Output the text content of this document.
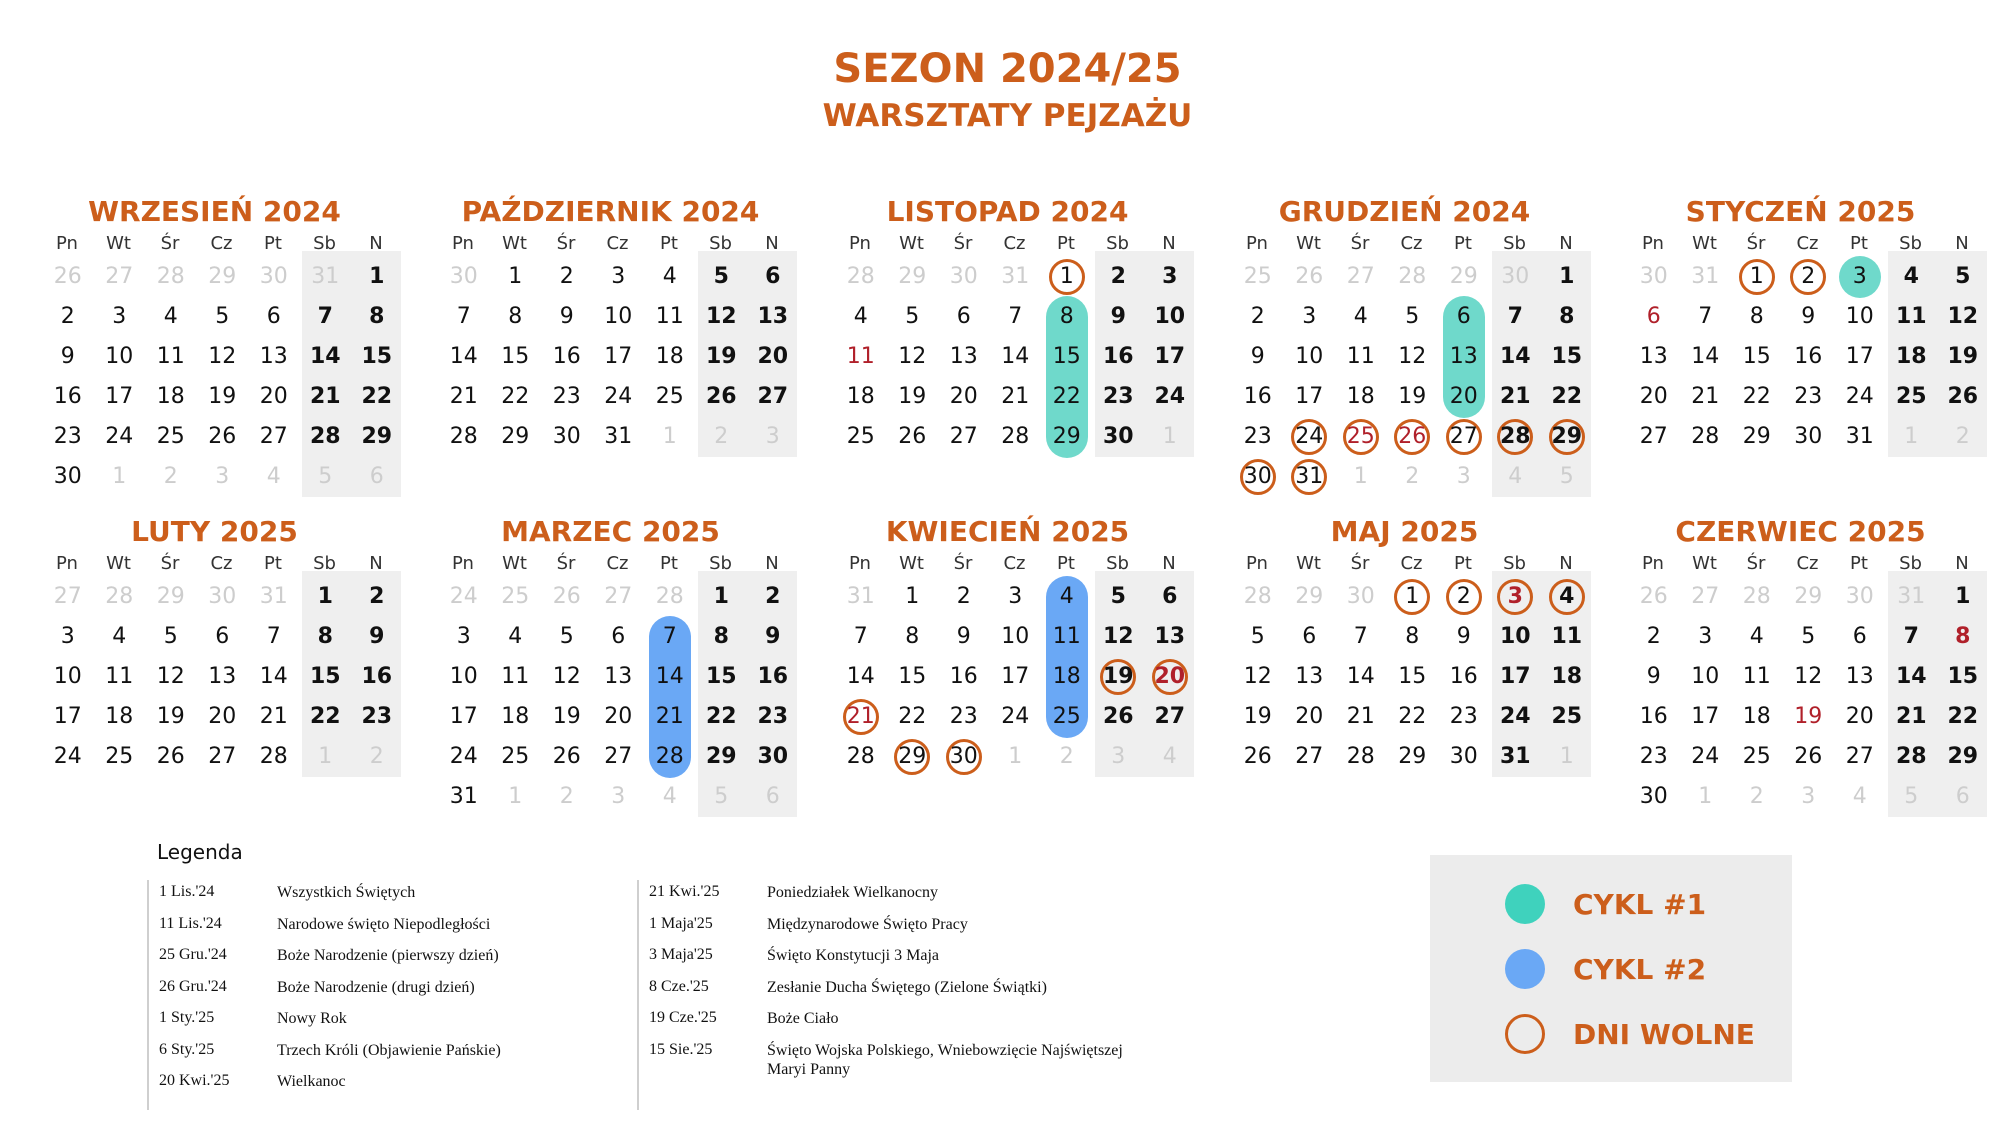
SEZON 2024/25
WARSZTATY PEJZAŻU
WRZESIEŃ 2024
Pn	Wt	Śr	Cz	Pt	Sb	N
26	27	28	29	30	31	1
2	3	4	5	6	7	8
9	10	11	12	13	14 15
16	17	18	19	20	21 22
23	24	25	26	27	28 29
30	1	2	3	4	5	6
PAŹDZIERNIK 2024
Pn	Wt	Śr	Cz	Pt	Sb	N
30	1	2	3	4	5	6
7	8	9	10	11	12 13
14	15	16	17	18	19 20
21	22	23	24	25	26 27
28	29	30	31	1	2	3
LISTOPAD 2024
Pn	Wt	Śr	Cz	Pt	Sb	N
28	29	30	31	1	2	3
4	5	6	7	8	9	10
11	12	13	14	15	16 17
18	19	20	21	22	23 24
25	26	27	28	29	30	1
GRUDZIEŃ 2024
Pn	Wt	Śr	Cz	Pt	Sb	N
25	26	27	28	29	30	1
2	3	4	5	6	7	8
9	10	11	12	13	14 15
16	17	18	19	20	21 22
23	24	25	26	27	28 29
30	31	1	2	3	4	5
STYCZEŃ 2025
Pn	Wt	Śr	Cz	Pt	Sb	N
30	31	1	2	3	4	5
6	7	8	9	10	11 12
13	14	15	16	17	18 19
20	21	22	23	24	25 26
27	28	29	30	31	1	2
LUTY 2025
Pn	Wt	Śr	Cz	Pt	Sb	N
27	28	29	30	31	1	2
3	4	5	6	7	8	9
10	11	12	13	14	15 16
17	18	19	20	21	22 23
24	25	26	27	28	1	2
MARZEC 2025
Pn	Wt	Śr	Cz	Pt	Sb	N
24	25	26	27	28	1	2
3	4	5	6	7	8	9
10	11	12	13	14	15 16
17	18	19	20	21	22 23
24	25	26	27	28	29 30
31	1	2	3	4	5	6
KWIECIEŃ 2025
Pn	Wt	Śr	Cz	Pt	Sb	N
31	1	2	3	4	5	6
7	8	9	10	11	12 13
14	15	16	17	18	19 20
21	22	23	24	25	26 27
28	29	30	1	2	3	4
MAJ 2025
Pn	Wt	Śr	Cz	Pt	Sb	N
28	29	30	1	2	3	4
5	6	7	8	9	10 11
12	13	14	15	16	17 18
19	20	21	22	23	24 25
26	27	28	29	30	31	1
CZERWIEC 2025
Pn	Wt	Śr	Cz	Pt	Sb	N
26	27	28	29	30	31	1
2	3	4	5	6	7	8
9	10	11	12	13	14 15
16	17	18	19	20	21 22
23	24	25	26	27	28 29
30	1	2	3	4	5	6
Legenda
1 Lis.'24	Wszystkich Świętych
11 Lis.'24	Narodowe święto Niepodległości
25 Gru.'24	Boże Narodzenie (pierwszy dzień)
26 Gru.'24	Boże Narodzenie (drugi dzień)
1 Sty.'25	Nowy Rok
6 Sty.'25	Trzech Króli (Objawienie Pańskie)
20 Kwi.'25	Wielkanoc
21 Kwi.'25	Poniedziałek Wielkanocny
1 Maja'25	Międzynarodowe Święto Pracy
3 Maja'25	Święto Konstytucji 3 Maja
8 Cze.'25	Zesłanie Ducha Świętego (Zielone Świątki)
19 Cze.'25	Boże Ciało
15 Sie.'25	Święto Wojska Polskiego, Wniebowzięcie Najświętszej
Maryi Panny
CYKL #1
CYKL #2
DNI WOLNE
